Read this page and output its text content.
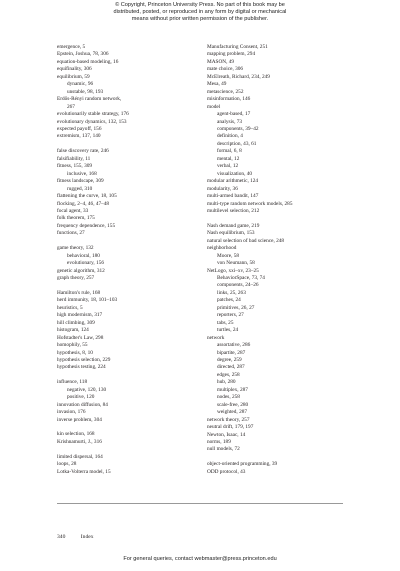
© Copyright, Princeton University Press. No part of this book may be
distributed, posted, or reproduced in any form by digital or mechanical
means without prior written permission of the publisher.
emergence, 5
Epstein, Joshua, 78, 306
equation-based modeling, 16
equifinality, 306
equilibrium, 59
dynamic, 96
unstable, 98, 193
Erdős-Rényi random network,
267
evolutionarily stable strategy, 176
evolutionary dynamics, 132, 153
expected payoff, 156
extremism, 137, 140
false discovery rate, 246
falsifiability, 11
fitness, 155, 309
inclusive, 168
fitness landscape, 309
rugged, 310
flattening the curve, 18, 105
flocking, 2–4, 46, 47–48
focal agent, 33
folk theorem, 175
frequency dependence, 155
functions, 27
game theory, 132
behavioral, 180
evolutionary, 156
genetic algorithm, 312
graph theory, 257
Hamilton's rule, 168
herd immunity, 18, 101–103
heuristics, 5
high modernism, 317
hill climbing, 309
histogram, 124
Hofstadter's Law, 298
homophily, 55
hypothesis, 8, 10
hypothesis selection, 229
hypothesis testing, 224
influence, 118
negative, 120, 130
positive, 120
innovation diffusion, 84
invasion, 176
inverse problem, 304
kin selection, 168
Krishnamurti, J., 316
limited dispersal, 164
loops, 28
Lotka-Volterra model, 15
Manufacturing Consent, 251
mapping problem, 294
MASON, 49
mate choice, 306
McElreath, Richard, 234, 249
Mesa, 49
metascience, 252
misinformation, 146
model
agent-based, 17
analysis, 73
components, 39–42
definition, 4
description, 43, 61
formal, 6, 8
mental, 12
verbal, 12
visualization, 40
modular arithmetic, 124
modularity, 36
multi-armed bandit, 147
multi-type random network models, 285
multilevel selection, 212
Nash demand game, 219
Nash equilibrium, 153
natural selection of bad science, 248
neighborhood
Moore, 58
von Neumann, 58
NetLogo, xxi–xv, 23–25
BehaviorSpace, 73, 74
components, 24–26
links, 25, 263
patches, 24
primitives, 26, 27
reporters, 27
tabs, 25
turtles, 24
network
assortative, 286
bipartite, 287
degree, 259
directed, 287
edges, 258
hub, 280
multiplex, 287
nodes, 258
scale-free, 280
weighted, 287
network theory, 257
neutral drift, 179, 197
Newton, Isaac, 14
norms, 189
null models, 72
object-oriented programming, 39
ODD protocol, 43
340	Index
For general queries, contact webmaster@press.princeton.edu
